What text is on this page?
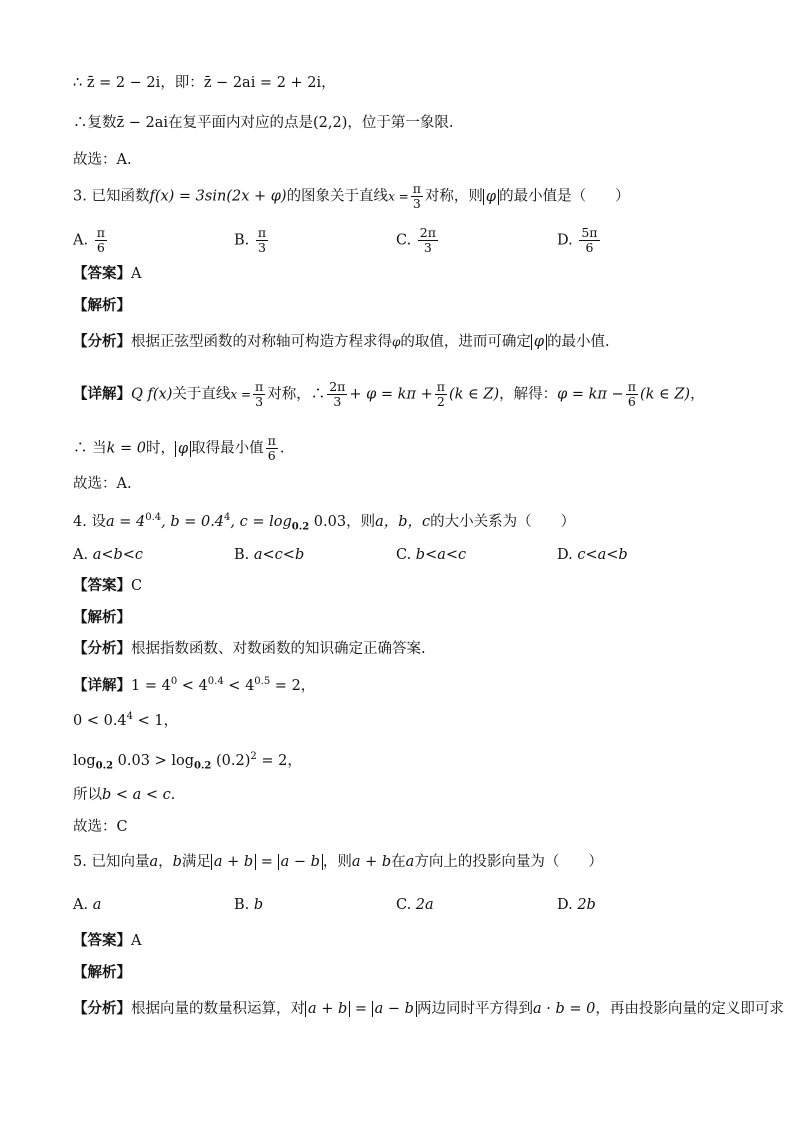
∴ z̄ = 2 − 2i，即：z̄ − 2ai = 2 + 2i，
∴复数z̄ − 2ai在复平面内对应的点是(2,2)，位于第一象限.
故选：A.
3. 已知函数f(x) = 3sin(2x + φ)的图象关于直线$x = \frac{\pi}{3}$ 对称，则 φ 的最小值是（　　）
A. $\frac{\pi}{6}$	B. $\frac{\pi}{3}$	C. $\frac{2\pi}{3}$	D. $\frac{5\pi}{6}$
【答案】A
【解析】
【分析】根据正弦型函数的对称轴可构造方程求得φ的取值，进而可确定 φ 的最小值.
【详解】Q f(x)关于直线$x = \frac{\pi}{3}$ 对称，∴ $\frac{2\pi}{3} + \varphi = k\pi + \frac{\pi}{2} (k$ ∈ Z)，解得：$\varphi = k\pi - \frac{\pi}{6} (k$ ∈ Z)，
∴ 当k = 0时， φ 取得最小值 $\frac{\pi}{6}$ .
故选：A.
4. 设$a = 4^{0.4}$, $b = 0.4^4$, $c = \log_{0.2} 0.03$，则a，b，c的大小关系为（　　）
A. a<b<c	B. a<c<b	C. b<a<c	D. c<a<b
【答案】C
【解析】
【分析】根据指数函数、对数函数的知识确定正确答案.
【详解】$1 = 4^0 < 4^{0.4} < 4^{0.5} = 2$，
$0 < 0.4^4 < 1$，
$\log_{0.2} 0.03 > \log_{0.2} (0.2)^2 = 2$，
所以b < a < c.
故选：C
5. 已知向量a，b满足 a + b = a − b ，则a + b在a方向上的投影向量为（　　）
A. a	B. b	C. 2a	D. 2b
【答案】A
【解析】
【分析】根据向量的数量积运算，对 a + b = a − b 两边同时平方得到a · b = 0，再由投影向量的定义即可求
